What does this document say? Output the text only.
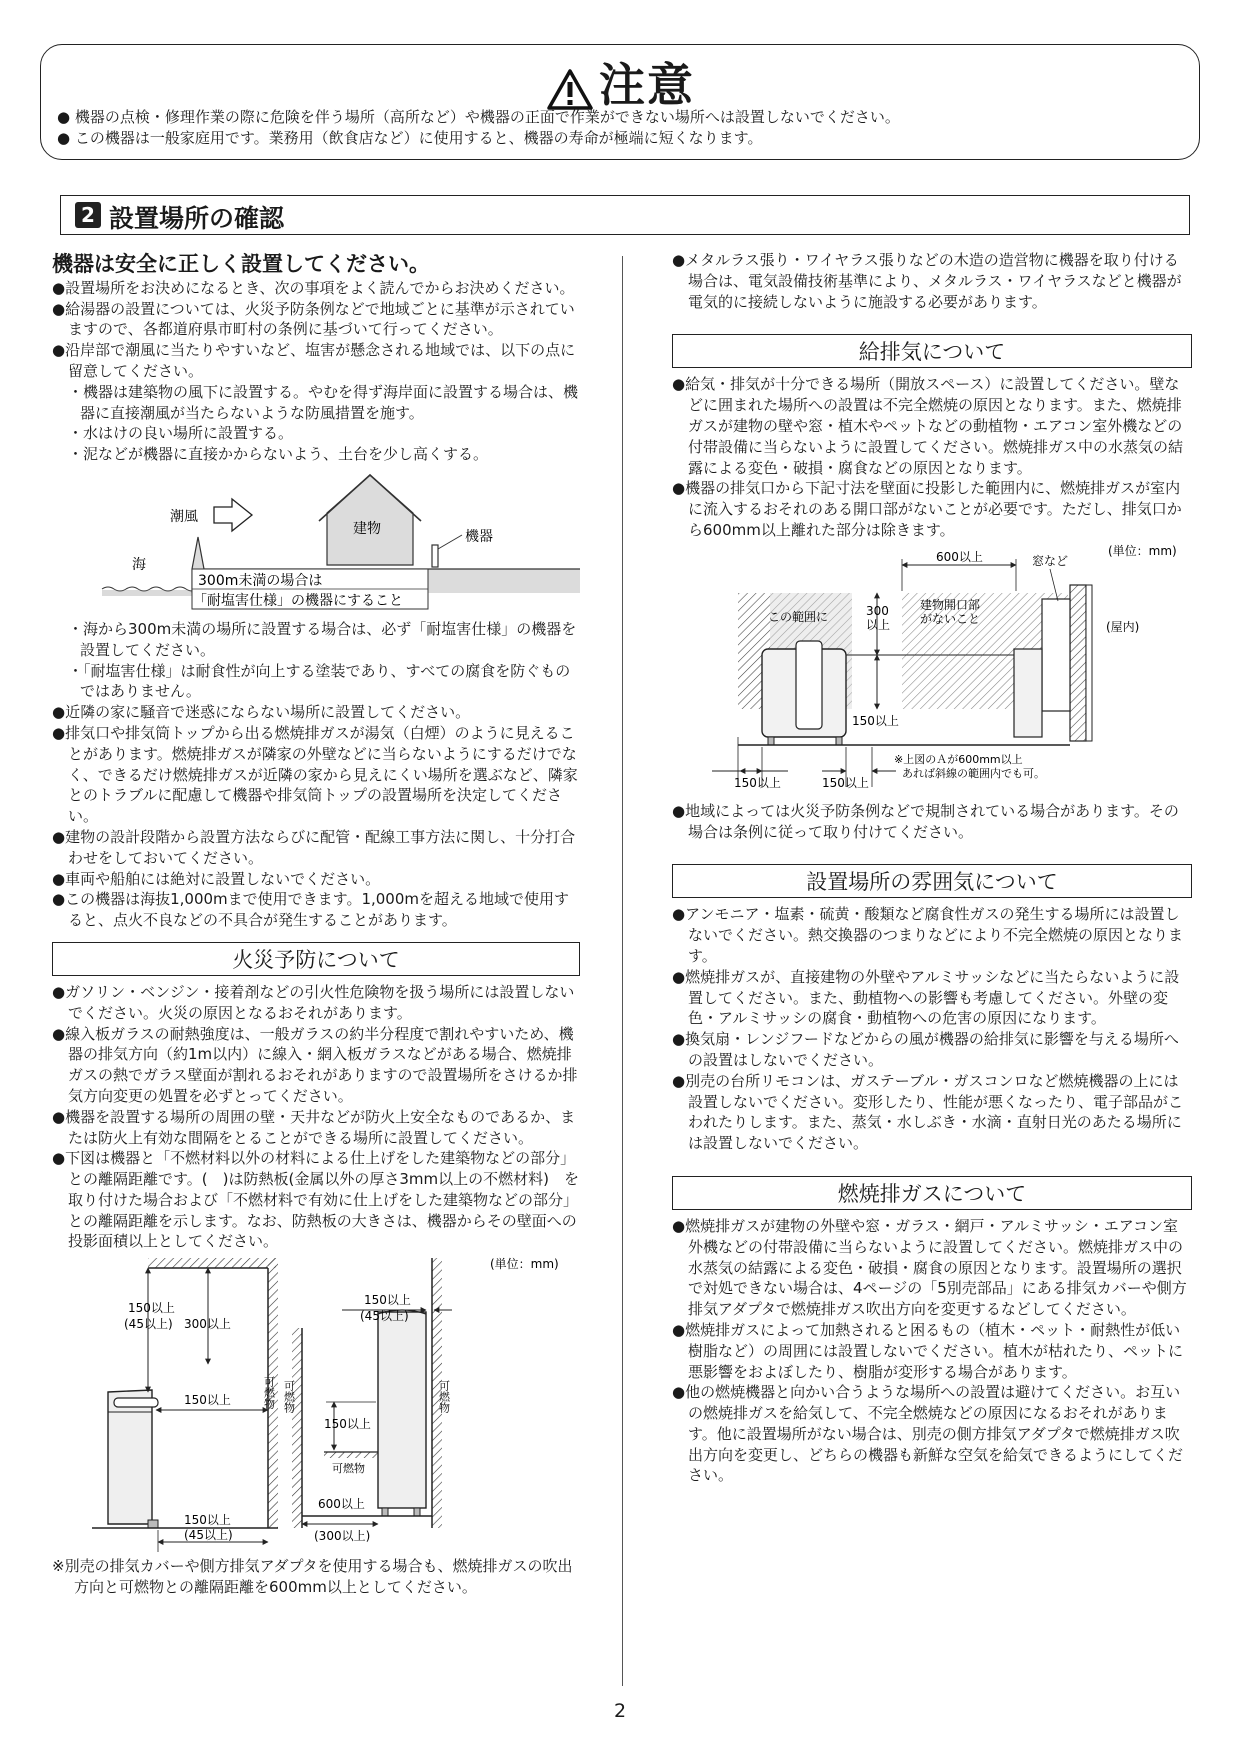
注意
● 機器の点検・修理作業の際に危険を伴う場所（高所など）や機器の正面で作業ができない場所へは設置しないでください。
● この機器は一般家庭用です。業務用（飲食店など）に使用すると、機器の寿命が極端に短くなります。
2 設置場所の確認

機器は安全に正しく設置してください。

●設置場所をお決めになるとき、次の事項をよく読んでからお決めください。

●給湯器の設置については、火災予防条例などで地域ごとに基準が示されていますので、各都道府県市町村の条例に基づいて行ってください。

●沿岸部で潮風に当たりやすいなど、塩害が懸念される地域では、以下の点に留意してください。

・機器は建築物の風下に設置する。やむを得ず海岸面に設置する場合は、機器に直接潮風が当たらないような防風措置を施す。

・水はけの良い場所に設置する。

・泥などが機器に直接かからないよう、土台を少し高くする。

潮風
建物	機器
海
300m未満の場合は
「耐塩害仕様」の機器にすること

・海から300m未満の場所に設置する場合は、必ず「耐塩害仕様」の機器を設置してください。

・「耐塩害仕様」は耐食性が向上する塗装であり、すべての腐食を防ぐものではありません。

●近隣の家に騒音で迷惑にならない場所に設置してください。

●排気口や排気筒トップから出る燃焼排ガスが湯気（白煙）のように見えることがあります。燃焼排ガスが隣家の外壁などに当らないようにするだけでなく、できるだけ燃焼排ガスが近隣の家から見えにくい場所を選ぶなど、隣家とのトラブルに配慮して機器や排気筒トップの設置場所を決定してください。

●建物の設計段階から設置方法ならびに配管・配線工事方法に関し、十分打合わせをしておいてください。

●車両や船舶には絶対に設置しないでください。

●この機器は海抜1,000mまで使用できます。1,000mを超える地域で使用すると、点火不良などの不具合が発生することがあります。

火災予防について

●ガソリン・ベンジン・接着剤などの引火性危険物を扱う場所には設置しないでください。火災の原因となるおそれがあります。

●線入板ガラスの耐熱強度は、一般ガラスの約半分程度で割れやすいため、機器の排気方向（約1m以内）に線入・網入板ガラスなどがある場合、燃焼排ガスの熱でガラス壁面が割れるおそれがありますので設置場所をさけるか排気方向変更の処置を必ずとってください。

●機器を設置する場所の周囲の壁・天井などが防火上安全なものであるか、または防火上有効な間隔をとることができる場所に設置してください。

●下図は機器と「不燃材料以外の材料による仕上げをした建築物などの部分」との離隔距離です。(　)は防熱板(金属以外の厚さ3mm以上の不燃材料)　を取り付けた場合および「不燃材料で有効に仕上げをした建築物などの部分」との離隔距離を示します。なお、防熱板の大きさは、機器からその壁面への投影面積以上としてください。

(単位：mm)
可燃物
150以上
(45以上) 300以上
150以上
150以上
(45以上)
可燃物	可燃物
150以上
(45以上)
150以上
可燃物
600以上
(300以上)

※別売の排気カバーや側方排気アダプタを使用する場合も、燃焼排ガスの吹出方向と可燃物との離隔距離を600mm以上としてください。

●メタルラス張り・ワイヤラス張りなどの木造の造営物に機器を取り付ける場合は、電気設備技術基準により、メタルラス・ワイヤラスなどと機器が電気的に接続しないように施設する必要があります。

給排気について

●給気・排気が十分できる場所（開放スペース）に設置してください。壁などに囲まれた場所への設置は不完全燃焼の原因となります。また、燃焼排ガスが建物の壁や窓・植木やペットなどの動植物・エアコン室外機などの付帯設備に当らないように設置してください。燃焼排ガス中の水蒸気の結露による変色・破損・腐食などの原因となります。

●機器の排気口から下記寸法を壁面に投影した範囲内に、燃焼排ガスが室内に流入するおそれのある開口部がないことが必要です。ただし、排気口から600mm以上離れた部分は除きます。

(単位：mm)
600以上	窓など
300
以上
この範囲に
建物開口部
がないこと
(屋内)
150以上
※上図のＡが600mm以上
あれば斜線の範囲内でも可。
150以上	150以上

●地域によっては火災予防条例などで規制されている場合があります。その場合は条例に従って取り付けてください。

設置場所の雰囲気について

●アンモニア・塩素・硫黄・酸類など腐食性ガスの発生する場所には設置しないでください。熱交換器のつまりなどにより不完全燃焼の原因となります。

●燃焼排ガスが、直接建物の外壁やアルミサッシなどに当たらないように設置してください。また、動植物への影響も考慮してください。外壁の変色・アルミサッシの腐食・動植物への危害の原因になります。

●換気扇・レンジフードなどからの風が機器の給排気に影響を与える場所への設置はしないでください。

●別売の台所リモコンは、ガステーブル・ガスコンロなど燃焼機器の上には設置しないでください。変形したり、性能が悪くなったり、電子部品がこわれたりします。また、蒸気・水しぶき・水滴・直射日光のあたる場所には設置しないでください。

燃焼排ガスについて

●燃焼排ガスが建物の外壁や窓・ガラス・網戸・アルミサッシ・エアコン室外機などの付帯設備に当らないように設置してください。燃焼排ガス中の水蒸気の結露による変色・破損・腐食の原因となります。設置場所の選択で対処できない場合は、4ページの「5別売部品」にある排気カバーや側方排気アダプタで燃焼排ガス吹出方向を変更するなどしてください。

●燃焼排ガスによって加熱されると困るもの（植木・ペット・耐熱性が低い樹脂など）の周囲には設置しないでください。植木が枯れたり、ペットに悪影響をおよぼしたり、樹脂が変形する場合があります。

●他の燃焼機器と向かい合うような場所への設置は避けてください。お互いの燃焼排ガスを給気して、不完全燃焼などの原因になるおそれがあります。他に設置場所がない場合は、別売の側方排気アダプタで燃焼排ガス吹出方向を変更し、どちらの機器も新鮮な空気を給気できるようにしてください。

2
